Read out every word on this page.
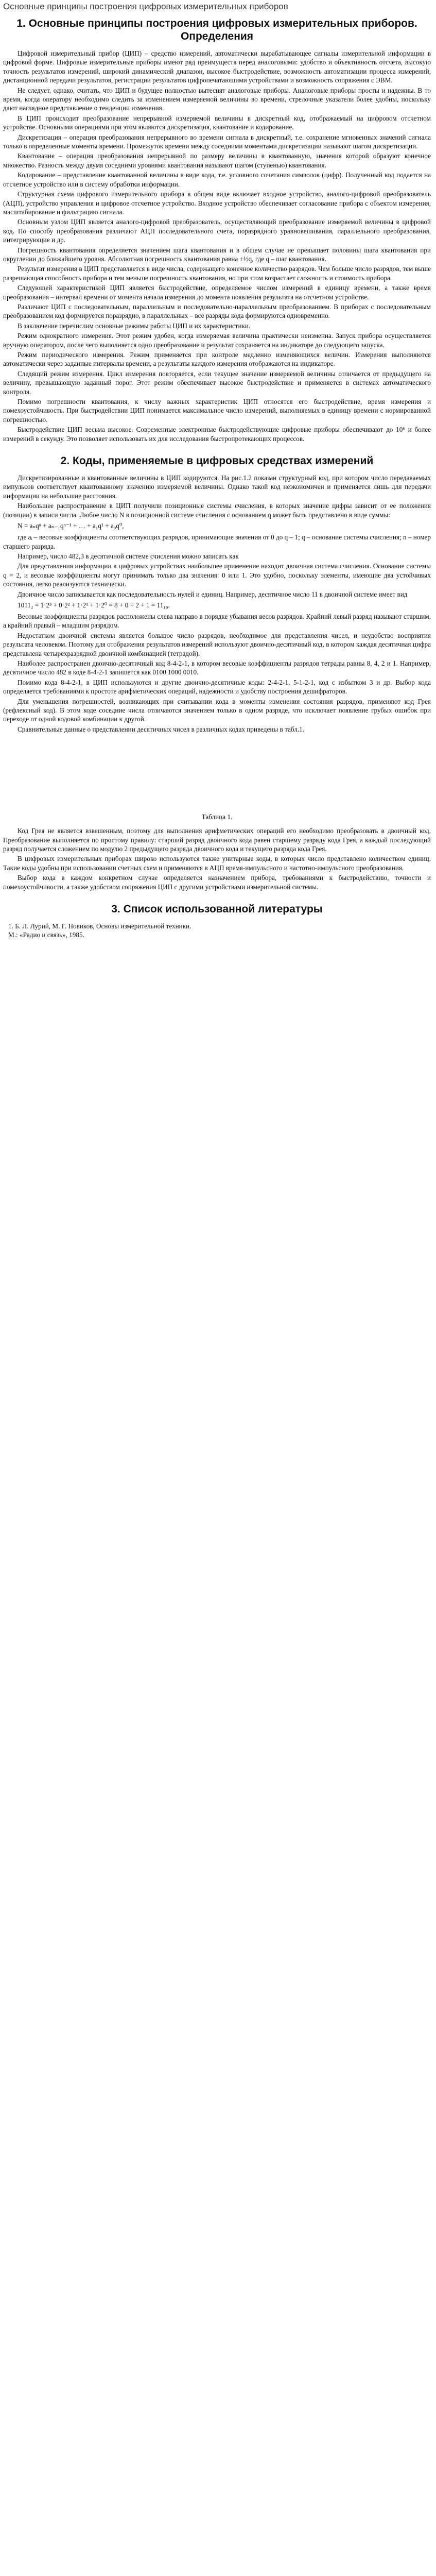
Основные принципы построения цифровых измерительных приборов
1. Основные принципы построения цифровых измерительных приборов. Определения

Цифровой измерительный прибор (ЦИП) – средство измерений, автоматически вырабатывающее сигналы измерительной информации в цифровой форме. Цифровые измерительные приборы имеют ряд преимуществ перед аналоговыми: удобство и объективность отсчета, высокую точность результатов измерений, широкий динамический диапазон, высокое быстродействие, возможность автоматизации процесса измерений, дистанционной передачи результатов, регистрации результатов цифропечатающими устройствами и возможность сопряжения с ЭВМ.

Не следует, однако, считать, что ЦИП и будущее полностью вытеснят аналоговые приборы. Аналоговые приборы просты и надежны. В то время, когда оператору необходимо следить за изменением измеряемой величины во времени, стрелочные указатели более удобны, поскольку дают наглядное представление о тенденции изменения.

В ЦИП происходит преобразование непрерывной измеряемой величины в дискретный код, отображаемый на цифровом отсчетном устройстве. Основными операциями при этом являются дискретизация, квантование и кодирование.

Дискретизация – операция преобразования непрерывного во времени сигнала в дискретный, т.е. сохранение мгновенных значений сигнала только в определенные моменты времени. Промежуток времени между соседними моментами дискретизации называют шагом дискретизации.

Квантование – операция преобразования непрерывной по размеру величины в квантованную, значения которой образуют конечное множество. Разность между двумя соседними уровнями квантования называют шагом (ступенью) квантования.

Кодирование – представление квантованной величины в виде кода, т.е. условного сочетания символов (цифр). Полученный код подается на отсчетное устройство или в систему обработки информации.

Структурная схема цифрового измерительного прибора в общем виде включает входное устройство, аналого-цифровой преобразователь (АЦП), устройство управления и цифровое отсчетное устройство. Входное устройство обеспечивает согласование прибора с объектом измерения, масштабирование и фильтрацию сигнала.

Основным узлом ЦИП является аналого-цифровой преобразователь, осуществляющий преобразование измеряемой величины в цифровой код. По способу преобразования различают АЦП последовательного счета, поразрядного уравновешивания, параллельного преобразования, интегрирующие и др.

Погрешность квантования определяется значением шага квантования и в общем случае не превышает половины шага квантования при округлении до ближайшего уровня. Абсолютная погрешность квантования равна ±½q, где q – шаг квантования.

Результат измерения в ЦИП представляется в виде числа, содержащего конечное количество разрядов. Чем больше число разрядов, тем выше разрешающая способность прибора и тем меньше погрешность квантования, но при этом возрастает сложность и стоимость прибора.

Следующей характеристикой ЦИП является быстродействие, определяемое числом измерений в единицу времени, а также время преобразования – интервал времени от момента начала измерения до момента появления результата на отсчетном устройстве.

Различают ЦИП с последовательным, параллельным и последовательно-параллельным преобразованием. В приборах с последовательным преобразованием код формируется поразрядно, в параллельных – все разряды кода формируются одновременно.

В заключение перечислим основные режимы работы ЦИП и их характеристики.

Режим однократного измерения. Этот режим удобен, когда измеряемая величина практически неизменна. Запуск прибора осуществляется вручную оператором, после чего выполняется одно преобразование и результат сохраняется на индикаторе до следующего запуска.

Режим периодического измерения. Режим применяется при контроле медленно изменяющихся величин. Измерения выполняются автоматически через заданные интервалы времени, а результаты каждого измерения отображаются на индикаторе.

Следящий режим измерения. Цикл измерения повторяется, если текущее значение измеряемой величины отличается от предыдущего на величину, превышающую заданный порог. Этот режим обеспечивает высокое быстродействие и применяется в системах автоматического контроля.

Помимо погрешности квантования, к числу важных характеристик ЦИП относятся его быстродействие, время измерения и помехоустойчивость. При быстродействии ЦИП понимается максимальное число измерений, выполняемых в единицу времени с нормированной погрешностью.

Быстродействие ЦИП весьма высокое. Современные электронные быстродействующие цифровые приборы обеспечивают до 10⁶ и более измерений в секунду. Это позволяет использовать их для исследования быстропротекающих процессов.

2. Коды, применяемые в цифровых средствах измерений

Дискретизированные и квантованные величины в ЦИП кодируются. На рис.1.2 показан структурный код, при котором число передаваемых импульсов соответствует квантованному значению измеряемой величины. Однако такой код неэкономичен и применяется лишь для передачи информации на небольшие расстояния.

Наибольшее распространение в ЦИП получили позиционные системы счисления, в которых значение цифры зависит от ее положения (позиции) в записи числа. Любое число N в позиционной системе счисления с основанием q может быть представлено в виде суммы:

N = aₙqⁿ + aₙ₋₁qⁿ⁻¹ + … + a₁q¹ + a₀q⁰,

где aᵢ – весовые коэффициенты соответствующих разрядов, принимающие значения от 0 до q – 1; q – основание системы счисления; n – номер старшего разряда.

Например, число 482,3 в десятичной системе счисления можно записать как

Для представления информации в цифровых устройствах наибольшее применение находит двоичная система счисления. Основание системы q = 2, и весовые коэффициенты могут принимать только два значения: 0 или 1. Это удобно, поскольку элементы, имеющие два устойчивых состояния, легко реализуются технически.

Двоичное число записывается как последовательность нулей и единиц. Например, десятичное число 11 в двоичной системе имеет вид

1011₂ = 1·2³ + 0·2² + 1·2¹ + 1·2⁰ = 8 + 0 + 2 + 1 = 11₁₀.

Весовые коэффициенты разрядов расположены слева направо в порядке убывания весов разрядов. Крайний левый разряд называют старшим, а крайний правый – младшим разрядом.

Недостатком двоичной системы является большое число разрядов, необходимое для представления чисел, и неудобство восприятия результата человеком. Поэтому для отображения результатов измерений используют двоично-десятичный код, в котором каждая десятичная цифра представлена четырехразрядной двоичной комбинацией (тетрадой).

Наиболее распространен двоично-десятичный код 8-4-2-1, в котором весовые коэффициенты разрядов тетрады равны 8, 4, 2 и 1. Например, десятичное число 482 в коде 8-4-2-1 запишется как 0100 1000 0010.

Помимо кода 8-4-2-1, в ЦИП используются и другие двоично-десятичные коды: 2-4-2-1, 5-1-2-1, код с избытком 3 и др. Выбор кода определяется требованиями к простоте арифметических операций, надежности и удобству построения дешифраторов.

Для уменьшения погрешностей, возникающих при считывании кода в моменты изменения состояния разрядов, применяют код Грея (рефлексный код). В этом коде соседние числа отличаются значением только в одном разряде, что исключает появление грубых ошибок при переходе от одной кодовой комбинации к другой.

Сравнительные данные о представлении десятичных чисел в различных кодах приведены в табл.1.

Таблица 1.

Код Грея не является взвешенным, поэтому для выполнения арифметических операций его необходимо преобразовать в двоичный код. Преобразование выполняется по простому правилу: старший разряд двоичного кода равен старшему разряду кода Грея, а каждый последующий разряд получается сложением по модулю 2 предыдущего разряда двоичного кода и текущего разряда кода Грея.

В цифровых измерительных приборах широко используются также унитарные коды, в которых число представлено количеством единиц. Такие коды удобны при использовании счетных схем и применяются в АЦП время-импульсного и частотно-импульсного преобразования.

Выбор кода в каждом конкретном случае определяется назначением прибора, требованиями к быстродействию, точности и помехоустойчивости, а также удобством сопряжения ЦИП с другими устройствами измерительной системы.

3. Список использованной литературы

1. Б. Л. Лурий, М. Г. Новиков, Основы измерительной техники.

М.: «Радио и связь», 1985.
